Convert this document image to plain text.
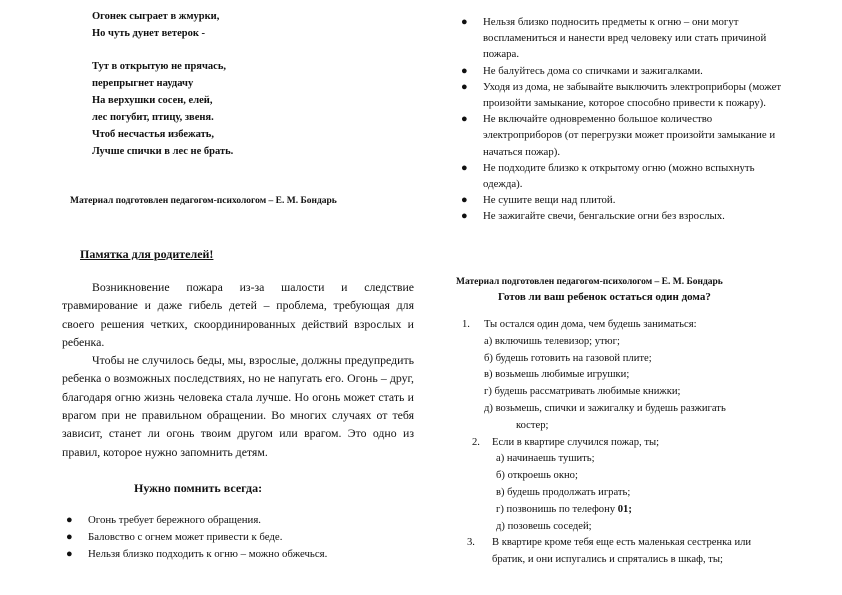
Огонек сыграет в жмурки,
Но чуть дунет ветерок -
Тут в открытую не прячась,
перепрыгнет наудачу
На верхушки сосен, елей,
лес погубит, птицу, звеня.
Чтоб несчастья избежать,
Лучше спички в лес не брать.
Материал подготовлен педагогом-психологом – Е. М. Бондарь
Памятка для родителей!

Возникновение пожара из-за шалости и следствие травмирование и даже гибель детей – проблема, требующая для своего решения четких, скоординированных действий взрослых и ребенка.

Чтобы не случилось беды, мы, взрослые, должны предупредить ребенка о возможных последствиях, но не напугать его. Огонь – друг, благодаря огню жизнь человека стала лучше. Но огонь может стать и врагом при не правильном обращении. Во многих случаях от тебя зависит, станет ли огонь твоим другом или врагом. Это одно из правил, которое нужно запомнить детям.

Нужно помнить всегда:
● Огонь требует бережного обращения.
● Баловство с огнем может привести к беде.
● Нельзя близко подходить к огню – можно обжечься.
● Нельзя близко подносить предметы к огню – они могут воспламениться и нанести вред человеку или стать причиной пожара.
● Не балуйтесь дома со спичками и зажигалками.
● Уходя из дома, не забывайте выключить электроприборы (может произойти замыкание, которое способно привести к пожару).
● Не включайте одновременно большое количество электроприборов (от перегрузки может произойти замыкание и начаться пожар).
● Не подходите близко к открытому огню (можно вспыхнуть одежда).
● Не сушите вещи над плитой.
● Не зажигайте свечи, бенгальские огни без взрослых.
Материал подготовлен педагогом-психологом – Е. М. Бондарь
Готов ли ваш ребенок остаться один дома?
1. Ты остался один дома, чем будешь заниматься:
а) включишь телевизор; утюг;
б) будешь готовить на газовой плите;
в) возьмешь любимые игрушки;
г) будешь рассматривать любимые книжки;
д) возьмешь, спички и зажигалку и будешь разжигать
костер;
2. Если в квартире случился пожар, ты;
а) начинаешь тушить;
б) откроешь окно;
в) будешь продолжать играть;
г) позвонишь по телефону 01;
д) позовешь соседей;
3. В квартире кроме тебя еще есть маленькая сестренка или
братик, и они испугались и спрятались в шкаф, ты;
